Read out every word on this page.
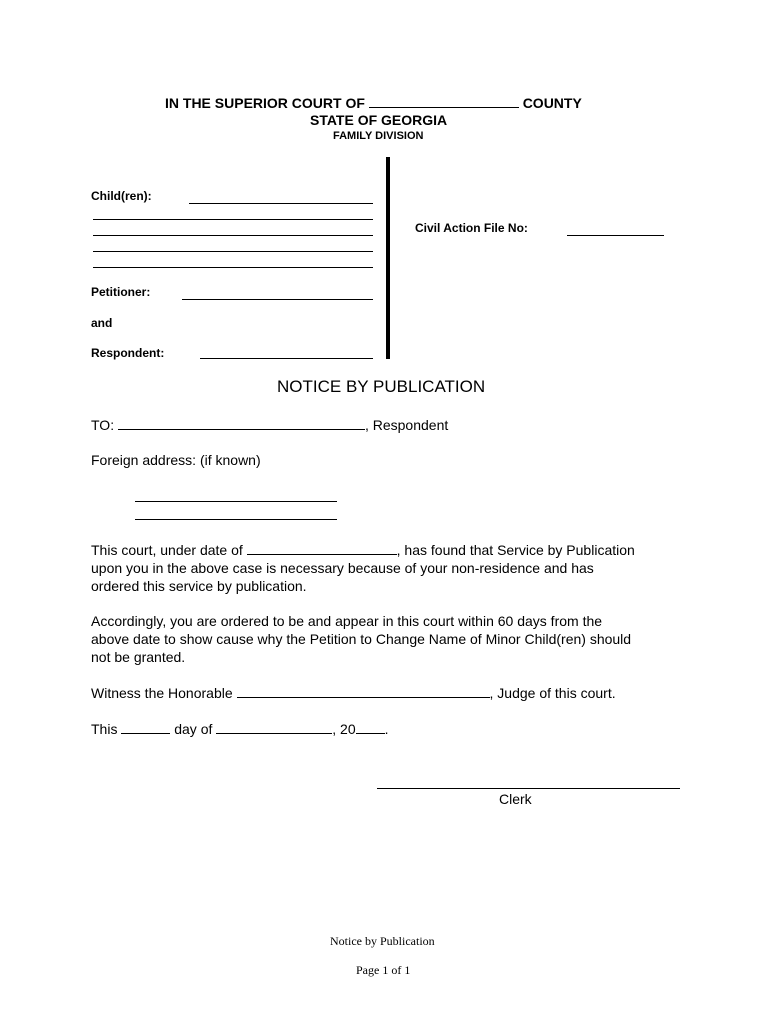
IN THE SUPERIOR COURT OF	COUNTY
STATE OF GEORGIA
FAMILY DIVISION
Child(ren):
Petitioner:
and
Respondent:
Civil Action File No:
NOTICE BY PUBLICATION
TO:	, Respondent
Foreign address: (if known)
This court, under date of	, has found that Service by Publication
upon you in the above case is necessary because of your non-residence and has
ordered this service by publication.
Accordingly, you are ordered to be and appear in this court within 60 days from the
above date to show cause why the Petition to Change Name of Minor Child(ren) should
not be granted.
Witness the Honorable	, Judge of this court.
This	day of	, 20 .
Clerk
Notice by Publication
Page 1 of 1
